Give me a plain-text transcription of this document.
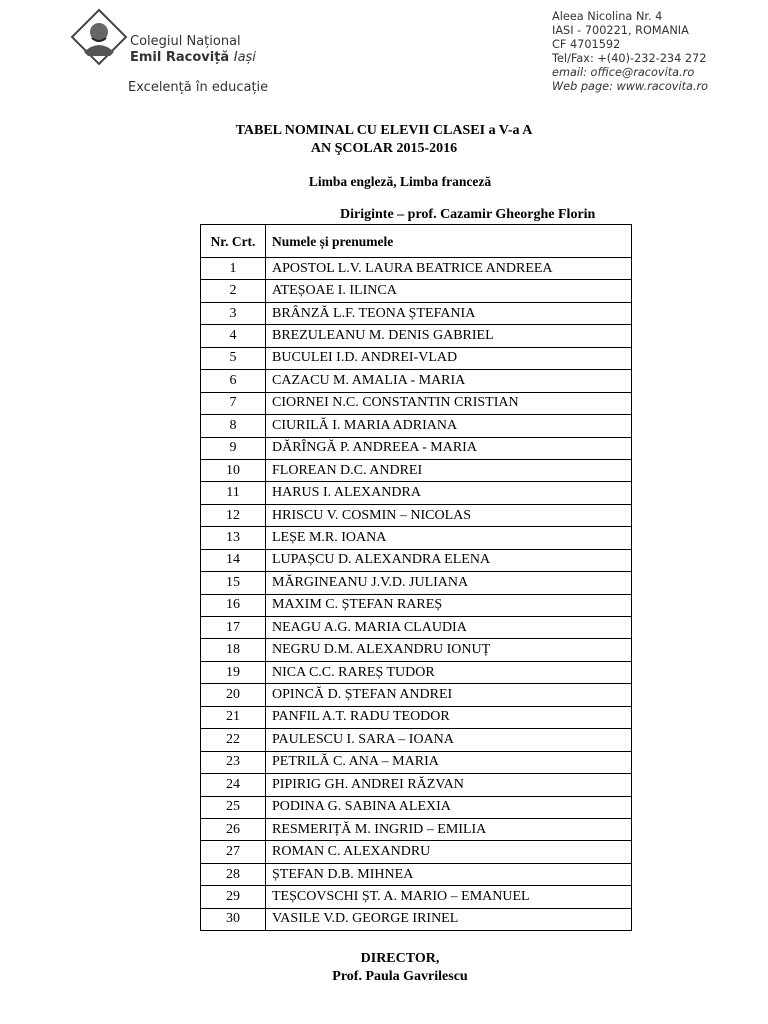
Colegiul Național
Emil Racoviță Iași
Excelență în educație
Aleea Nicolina Nr. 4
IASI - 700221, ROMANIA
CF 4701592
Tel/Fax: +(40)-232-234 272
email: office@racovita.ro
Web page: www.racovita.ro
TABEL NOMINAL CU ELEVII CLASEI a V-a A
AN ŞCOLAR 2015-2016
Limba engleză, Limba franceză
Diriginte – prof. Cazamir Gheorghe Florin
Nr. Crt.	Numele și prenumele
1	APOSTOL L.V. LAURA BEATRICE ANDREEA
2	ATEȘOAE I. ILINCA
3	BRÂNZĂ L.F. TEONA ȘTEFANIA
4	BREZULEANU M. DENIS GABRIEL
5	BUCULEI I.D. ANDREI-VLAD
6	CAZACU M. AMALIA - MARIA
7	CIORNEI N.C. CONSTANTIN CRISTIAN
8	CIURILĂ I. MARIA ADRIANA
9	DĂRÎNGĂ P. ANDREEA - MARIA
10	FLOREAN D.C. ANDREI
11	HARUS I. ALEXANDRA
12	HRISCU V. COSMIN – NICOLAS
13	LEȘE M.R. IOANA
14	LUPAȘCU D. ALEXANDRA ELENA
15	MĂRGINEANU J.V.D. JULIANA
16	MAXIM C. ȘTEFAN RAREȘ
17	NEAGU A.G. MARIA CLAUDIA
18	NEGRU D.M. ALEXANDRU IONUȚ
19	NICA C.C. RAREȘ TUDOR
20	OPINCĂ D. ȘTEFAN ANDREI
21	PANFIL A.T. RADU TEODOR
22	PAULESCU I. SARA – IOANA
23	PETRILĂ C. ANA – MARIA
24	PIPIRIG GH. ANDREI RĂZVAN
25	PODINA G. SABINA ALEXIA
26	RESMERIȚĂ M. INGRID – EMILIA
27	ROMAN C. ALEXANDRU
28	ȘTEFAN D.B. MIHNEA
29	TEȘCOVSCHI ȘT. A. MARIO – EMANUEL
30	VASILE V.D. GEORGE IRINEL
DIRECTOR,
Prof. Paula Gavrilescu
